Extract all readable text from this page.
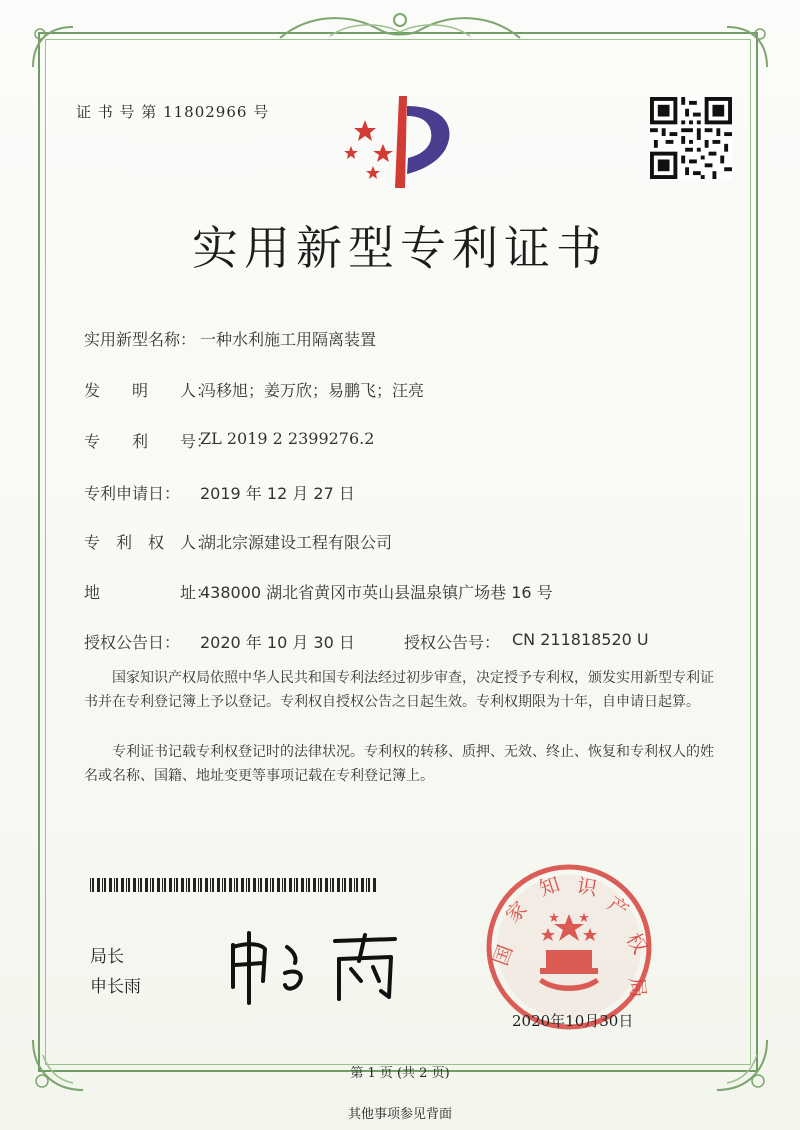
证 书 号 第 11802966 号
实用新型专利证书
实用新型名称： 一种水利施工用隔离装置
发　　明　　人：
冯移旭；姜万欣；易鹏飞；汪亮
专　　利　　号：
ZL 2019 2 2399276.2
专利申请日： 2019 年 12 月 27 日
专　利　权　人：
湖北宗源建设工程有限公司
地　　　　　址：
438000 湖北省黄冈市英山县温泉镇广场巷 16 号
授权公告日： 2020 年 10 月 30 日	授权公告号： CN 211818520 U
国家知识产权局依照中华人民共和国专利法经过初步审查，决定授予专利权，颁发实用新型专利证书并在专利登记簿上予以登记。专利权自授权公告之日起生效。专利权期限为十年，自申请日起算。
专利证书记载专利权登记时的法律状况。专利权的转移、质押、无效、终止、恢复和专利权人的姓名或名称、国籍、地址变更等事项记载在专利登记簿上。
局长
申长雨
国
家
知 识
产
权
局
2020年10月30日
第 1 页 (共 2 页)
其他事项参见背面
